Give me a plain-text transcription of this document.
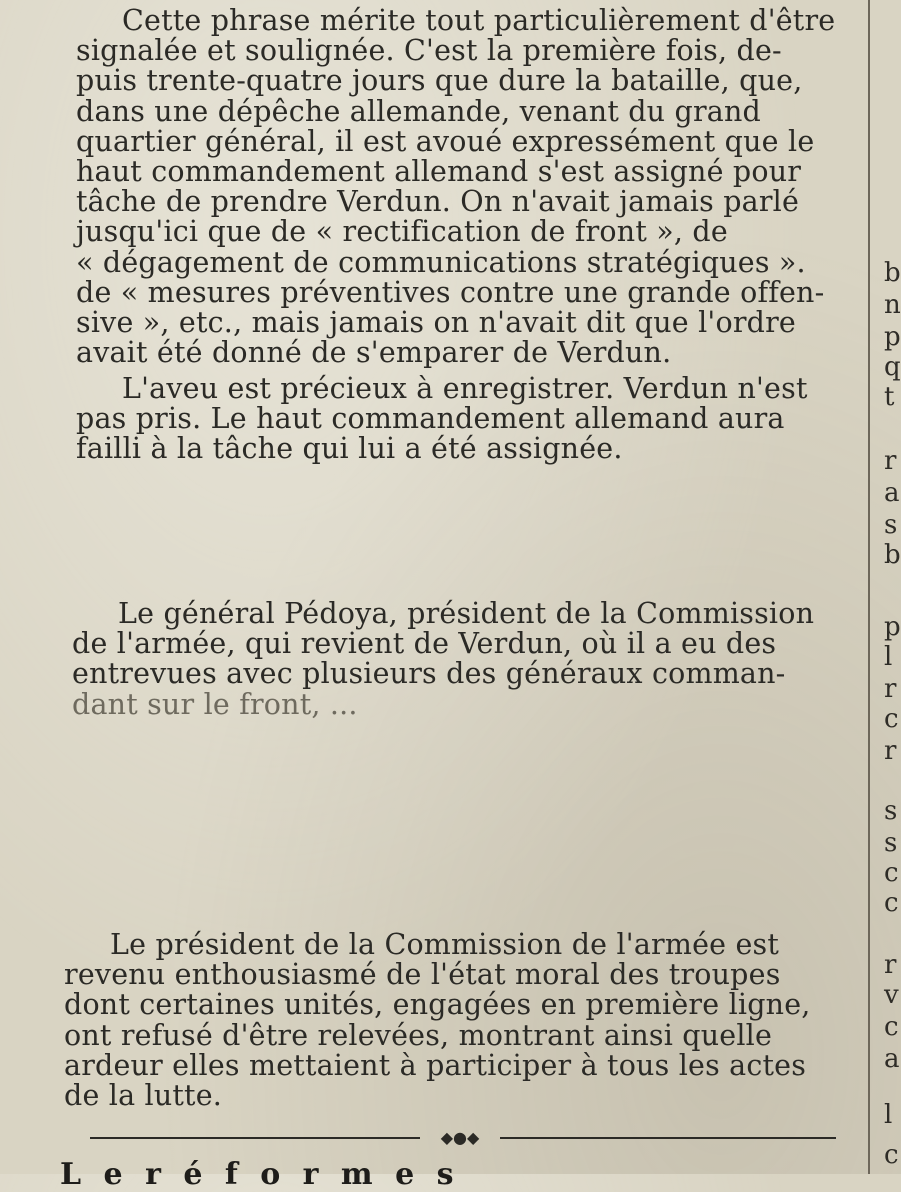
Cette phrase mérite tout particulièrement d'être
signalée et soulignée. C'est la première fois, de-
puis trente-quatre jours que dure la bataille, que,
dans une dépêche allemande, venant du grand
quartier général, il est avoué expressément que le
haut commandement allemand s'est assigné pour
tâche de prendre Verdun. On n'avait jamais parlé
jusqu'ici que de « rectification de front », de
« dégagement de communications stratégiques ».
de « mesures préventives contre une grande offen-
sive », etc., mais jamais on n'avait dit que l'ordre
avait été donné de s'emparer de Verdun.
L'aveu est précieux à enregistrer. Verdun n'est
pas pris. Le haut commandement allemand aura
failli à la tâche qui lui a été assignée.
Le général Pédoya, président de la Commission
de l'armée, qui revient de Verdun, où il a eu des
entrevues avec plusieurs des généraux comman-
dant sur le front, ...
Le président de la Commission de l'armée est
revenu enthousiasmé de l'état moral des troupes
dont certaines unités, engagées en première ligne,
ont refusé d'être relevées, montrant ainsi quelle
ardeur elles mettaient à participer à tous les actes
de la lutte.
◆●◆
L e r é f o r m e s
b
n
p
q
t
r
a
s
b
p
l
r
c
r
s
s
c
c
r
v
c
a
l
c
